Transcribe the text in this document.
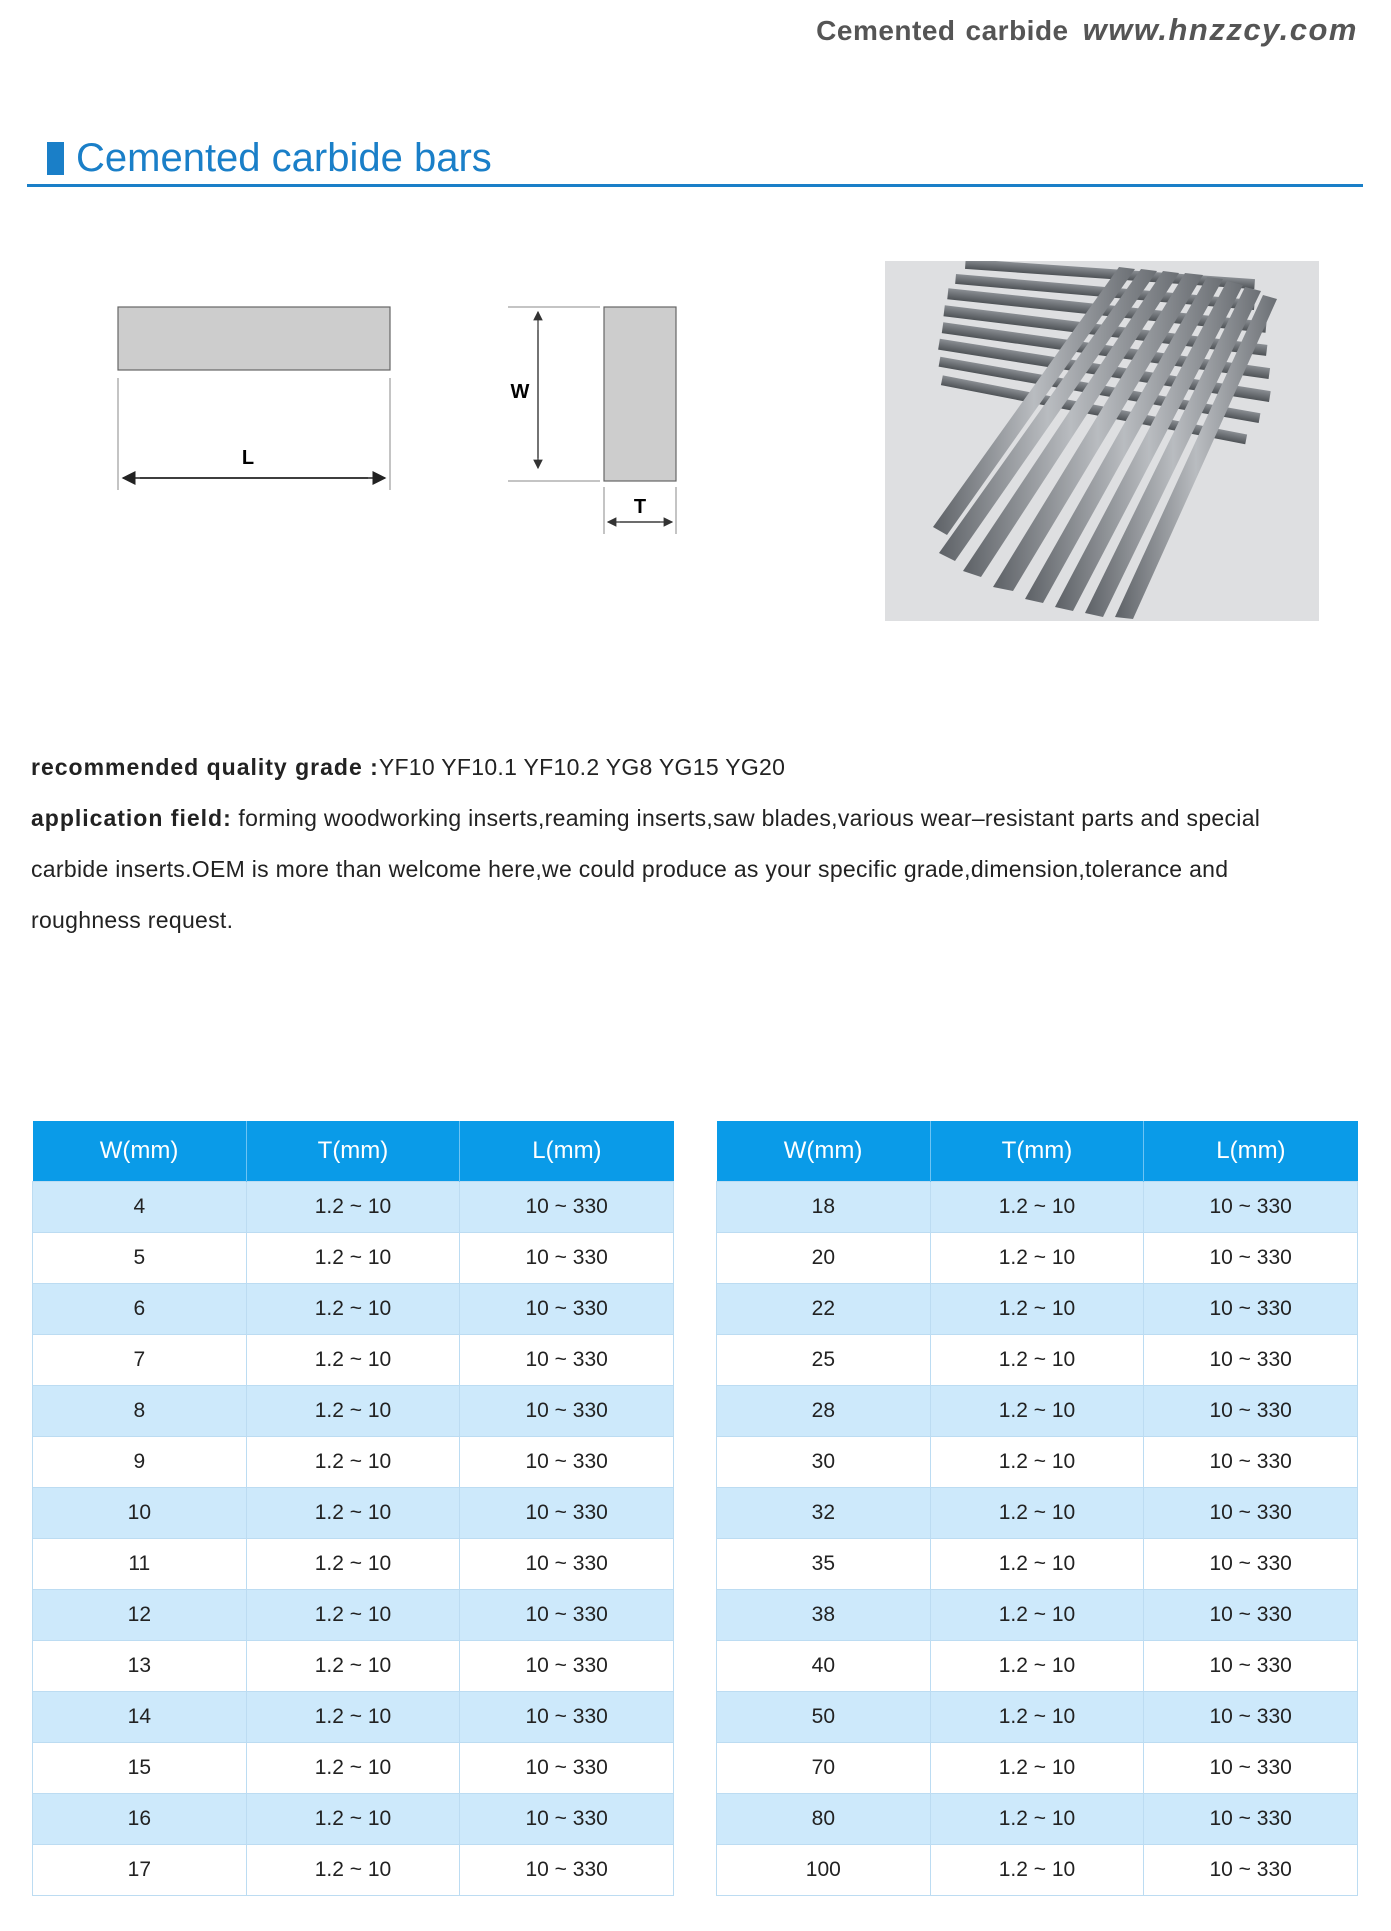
Cemented carbide www.hnzzcy.com
Cemented carbide bars
L
W
T

recommended quality grade :YF10 YF10.1 YF10.2 YG8 YG15 YG20

application field: forming woodworking inserts,reaming inserts,saw blades,various wear–resistant parts and special

carbide inserts.OEM is more than welcome here,we could produce as your specific grade,dimension,tolerance and

roughness request.

W(mm)	T(mm)	L(mm)
4	1.2 ~ 10	10 ~ 330
5	1.2 ~ 10	10 ~ 330
6	1.2 ~ 10	10 ~ 330
7	1.2 ~ 10	10 ~ 330
8	1.2 ~ 10	10 ~ 330
9	1.2 ~ 10	10 ~ 330
10	1.2 ~ 10	10 ~ 330
11	1.2 ~ 10	10 ~ 330
12	1.2 ~ 10	10 ~ 330
13	1.2 ~ 10	10 ~ 330
14	1.2 ~ 10	10 ~ 330
15	1.2 ~ 10	10 ~ 330
16	1.2 ~ 10	10 ~ 330
17	1.2 ~ 10	10 ~ 330
W(mm)	T(mm)	L(mm)
18	1.2 ~ 10	10 ~ 330
20	1.2 ~ 10	10 ~ 330
22	1.2 ~ 10	10 ~ 330
25	1.2 ~ 10	10 ~ 330
28	1.2 ~ 10	10 ~ 330
30	1.2 ~ 10	10 ~ 330
32	1.2 ~ 10	10 ~ 330
35	1.2 ~ 10	10 ~ 330
38	1.2 ~ 10	10 ~ 330
40	1.2 ~ 10	10 ~ 330
50	1.2 ~ 10	10 ~ 330
70	1.2 ~ 10	10 ~ 330
80	1.2 ~ 10	10 ~ 330
100	1.2 ~ 10	10 ~ 330
